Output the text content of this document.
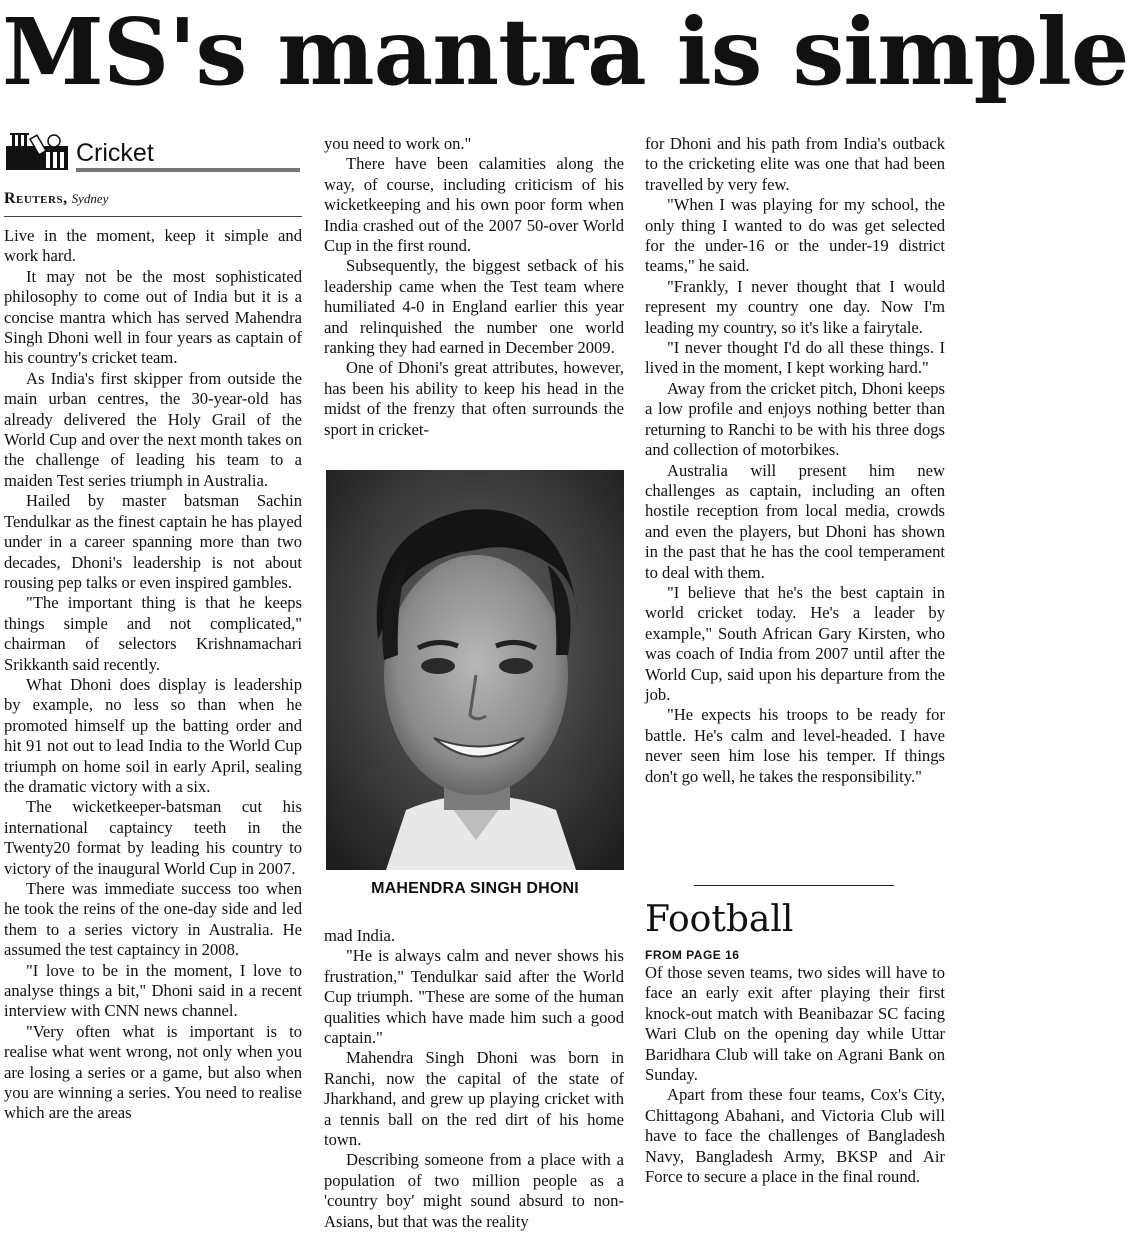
MS's mantra is simple
Cricket
Reuters, Sydney

Live in the moment, keep it simple and work hard.

It may not be the most sophisticated philosophy to come out of India but it is a concise mantra which has served Mahendra Singh Dhoni well in four years as captain of his country's cricket team.

As India's first skipper from outside the main urban centres, the 30-year-old has already delivered the Holy Grail of the World Cup and over the next month takes on the challenge of leading his team to a maiden Test series triumph in Australia.

Hailed by master batsman Sachin Tendulkar as the finest captain he has played under in a career spanning more than two decades, Dhoni's leadership is not about rousing pep talks or even inspired gambles.

"The important thing is that he keeps things simple and not complicated," chairman of selectors Krishnamachari Srikkanth said recently.

What Dhoni does display is leadership by example, no less so than when he promoted himself up the batting order and hit 91 not out to lead India to the World Cup triumph on home soil in early April, sealing the dramatic victory with a six.

The wicketkeeper-batsman cut his international captaincy teeth in the Twenty20 format by leading his country to victory of the inaugural World Cup in 2007.

There was immediate success too when he took the reins of the one-day side and led them to a series victory in Australia. He assumed the test captaincy in 2008.

"I love to be in the moment, I love to analyse things a bit," Dhoni said in a recent interview with CNN news channel.

"Very often what is important is to realise what went wrong, not only when you are losing a series or a game, but also when you are winning a series. You need to realise which are the areas

you need to work on."

There have been calamities along the way, of course, including criticism of his wicketkeeping and his own poor form when India crashed out of the 2007 50-over World Cup in the first round.

Subsequently, the biggest setback of his leadership came when the Test team where humiliated 4-0 in England earlier this year and relinquished the number one world ranking they had earned in December 2009.

One of Dhoni's great attributes, however, has been his ability to keep his head in the midst of the frenzy that often surrounds the sport in cricket-

MAHENDRA SINGH DHONI

mad India.

"He is always calm and never shows his frustration," Tendulkar said after the World Cup triumph. "These are some of the human qualities which have made him such a good captain."

Mahendra Singh Dhoni was born in Ranchi, now the capital of the state of Jharkhand, and grew up playing cricket with a tennis ball on the red dirt of his home town.

Describing someone from a place with a population of two million people as a 'country boy' might sound absurd to non-Asians, but that was the reality

for Dhoni and his path from India's outback to the cricketing elite was one that had been travelled by very few.

"When I was playing for my school, the only thing I wanted to do was get selected for the under-16 or the under-19 district teams," he said.

"Frankly, I never thought that I would represent my country one day. Now I'm leading my country, so it's like a fairytale.

"I never thought I'd do all these things. I lived in the moment, I kept working hard."

Away from the cricket pitch, Dhoni keeps a low profile and enjoys nothing better than returning to Ranchi to be with his three dogs and collection of motorbikes.

Australia will present him new challenges as captain, including an often hostile reception from local media, crowds and even the players, but Dhoni has shown in the past that he has the cool temperament to deal with them.

"I believe that he's the best captain in world cricket today. He's a leader by example," South African Gary Kirsten, who was coach of India from 2007 until after the World Cup, said upon his departure from the job.

"He expects his troops to be ready for battle. He's calm and level-headed. I have never seen him lose his temper. If things don't go well, he takes the responsibility."

Football
FROM PAGE 16

Of those seven teams, two sides will have to face an early exit after playing their first knock-out match with Beanibazar SC facing Wari Club on the opening day while Uttar Baridhara Club will take on Agrani Bank on Sunday.

Apart from these four teams, Cox's City, Chittagong Abahani, and Victoria Club will have to face the challenges of Bangladesh Navy, Bangladesh Army, BKSP and Air Force to secure a place in the final round.
